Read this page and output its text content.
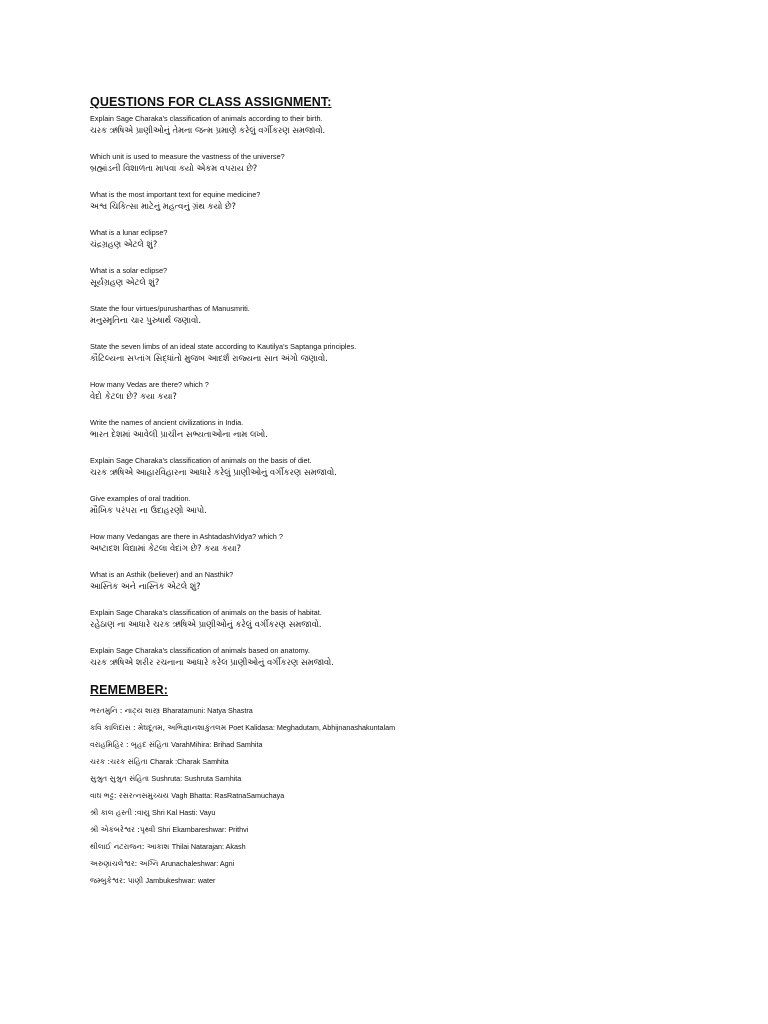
QUESTIONS FOR CLASS ASSIGNMENT:
Explain Sage Charaka's classification of animals according to their birth.
ચરક ઋષિએ પ્રાણીઓનું તેમના જન્મ પ્રમાણે કરેલું વર્ગીકરણ સમજાવો.
Which unit is used to measure the vastness of the universe?
બ્રહ્માંડની વિશાળતા માપવા કયો એકમ વપરાય છે?
What is the most important text for equine medicine?
અશ્વ ચિકિત્સા માટેનું મહત્વનું ગ્રંથ કયો છે?
What is a lunar eclipse?
ચંદ્રગ્રહણ એટલે શું?
What is a solar eclipse?
સૂર્યગ્રહણ એટલે શું?
State the four virtues/purusharthas of Manusmriti.
મનુસ્મૃતિના ચાર પુરુષાર્થ જણાવો.
State the seven limbs of an ideal state according to Kautilya's Saptanga principles.
કૌટિલ્યના સપ્તાંગ સિદ્ધાંતો મુજબ આદર્શ રાજ્યના સાત અંગો જણાવો.
How many Vedas are there? which ?
વેદો કેટલા છે? કયા કયા?
Write the names of ancient civilizations in India.
ભારત દેશમાં આવેલી પ્રાચીન સભ્યતાઓના નામ લખો.
Explain Sage Charaka's classification of animals on the basis of diet.
ચરક ઋષિએ આહારવિહારના આધારે કરેલું પ્રાણીઓનું વર્ગીકરણ સમજાવો.
Give examples of oral tradition.
મૌખિક પરંપરા ના ઉદાહરણો આપો.
How many Vedangas are there in AshtadashVidya? which ?
અષ્ટાદશ વિદ્યામાં કેટલા વેદાંગ છે? કયા કયા?
What is an Asthik (believer) and an Nasthik?
આસ્તિક અને નાસ્તિક એટલે શું?
Explain Sage Charaka's classification of animals on the basis of habitat.
રહેઠાણ ના આધારે ચરક ઋષિએ પ્રાણીઓનું કરેલું વર્ગીકરણ સમજાવો.
Explain Sage Charaka's classification of animals based on anatomy.
ચરક ઋષિએ શરીર રચનાના આધારે કરેલ પ્રાણીઓનું વર્ગીકરણ સમજાવો.
REMEMBER:
ભરતમુનિ : નાટ્ય શાસ્ત્ર Bharatamuni: Natya Shastra
કવિ કાલિદાસ : મેઘદૂતમ, અભિજ્ઞાનશાકુંતલમ Poet Kalidasa: Meghadutam, Abhijnanashakuntalam
વરાહમિહિર : બૃહદ સંહિતા VarahMihira: Brihad Samhita
ચરક :ચરક સંહિતા Charak :Charak Samhita
સુશ્રુત સુશ્રુત સંહિતા Sushruta: Sushruta Samhita
વાઘ ભટ્ટ: રસરત્નસમુચ્ચય Vagh Bhatta: RasRatnaSamuchaya
શ્રી કાલ હસ્તી :વાયુ Shri Kal Hasti: Vayu
શ્રી એકંબરેશ્વર :પૃથ્વી Shri Ekambareshwar: Prithvi
થીલાઈ નટરાજન: આકાશ Thilai Natarajan: Akash
અરુણાચલેશ્વર: અગ્નિ Arunachaleshwar: Agni
જમ્બુકેશ્વર: પાણી Jambukeshwar: water
